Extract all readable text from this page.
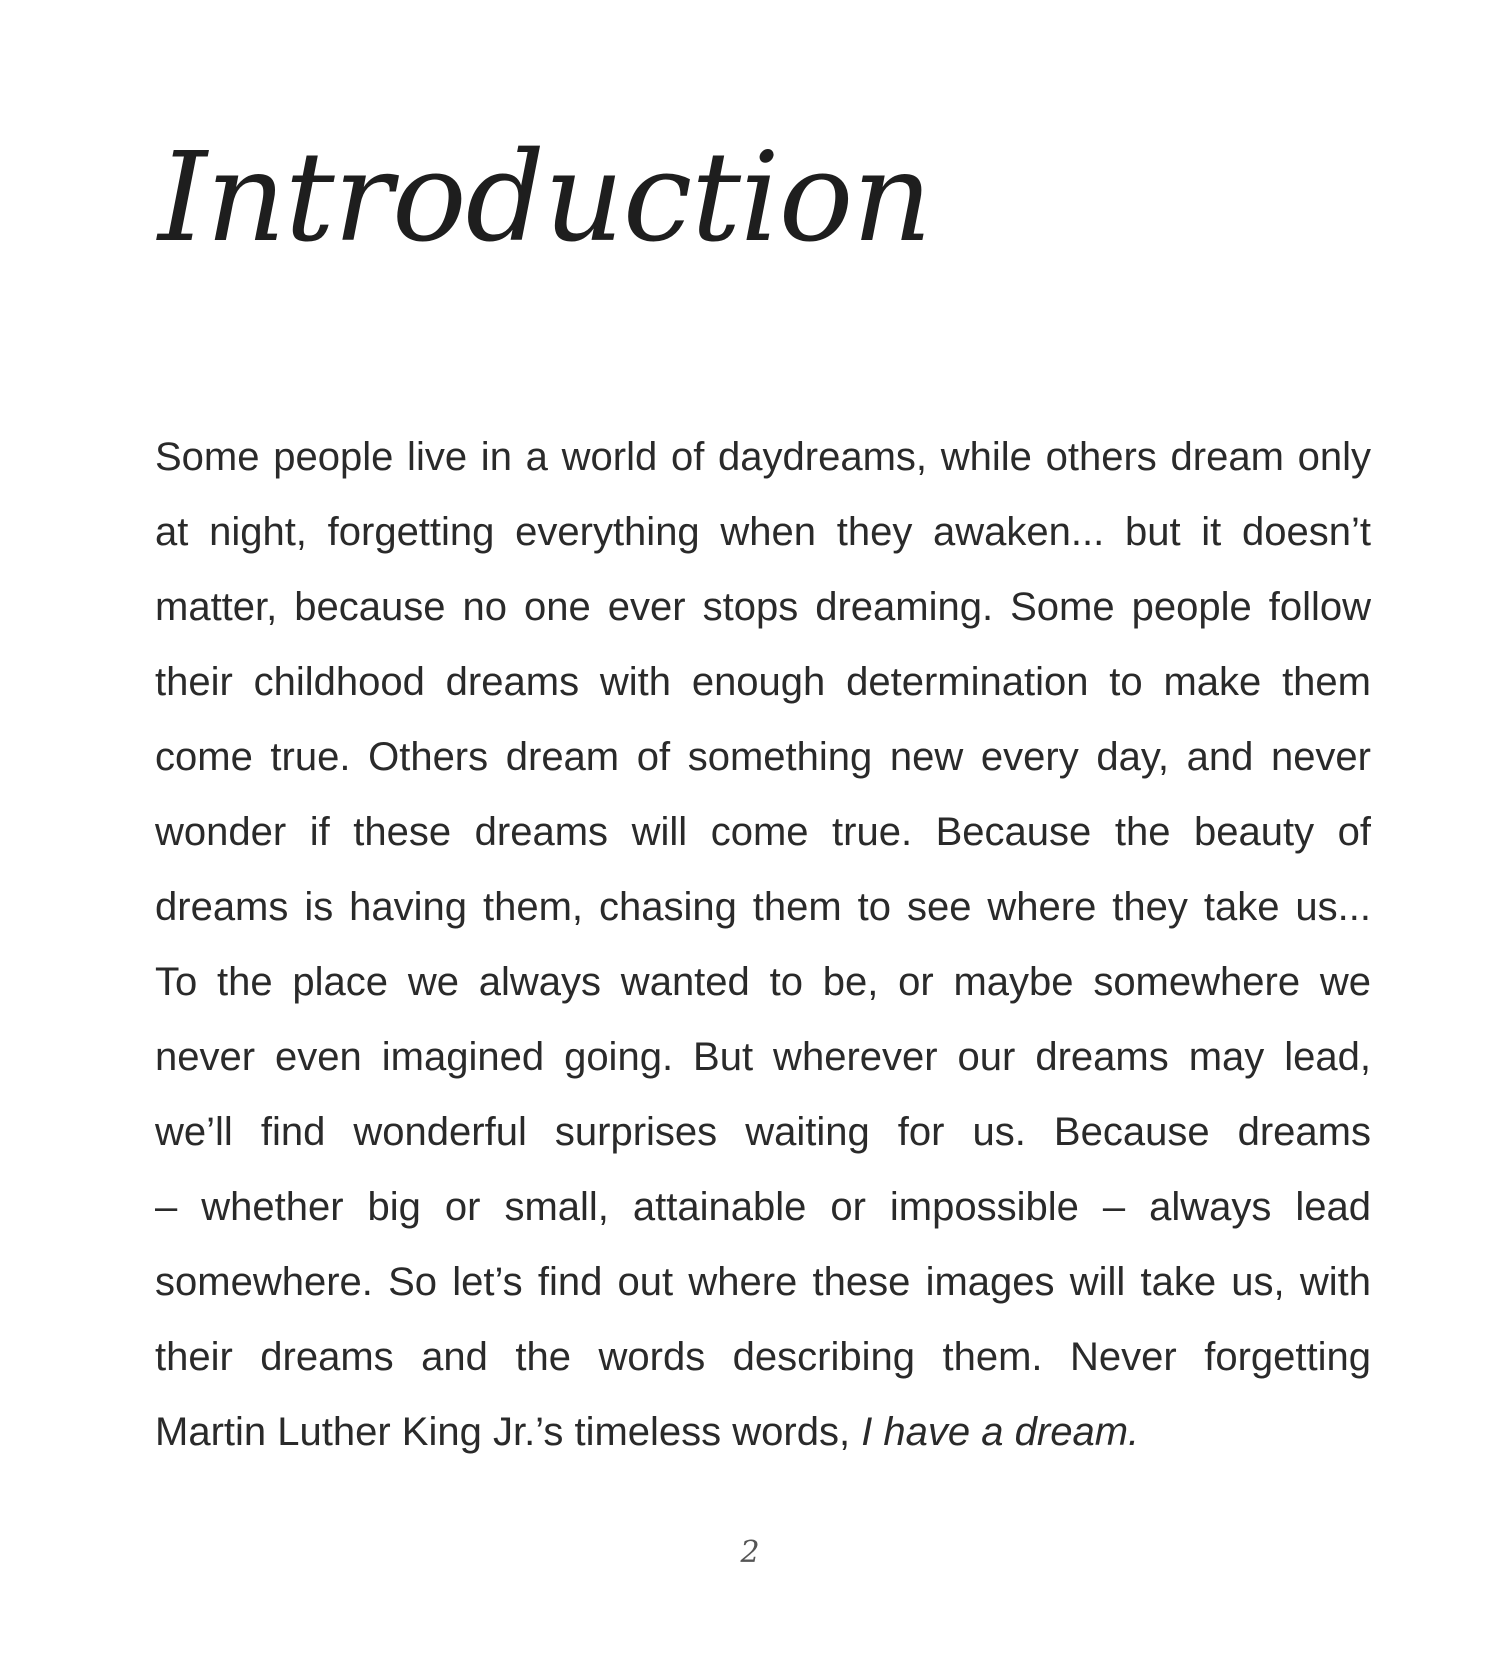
Introduction
Some people live in a world of daydreams, while others dream only
at night, forgetting everything when they awaken... but it doesn’t
matter, because no one ever stops dreaming. Some people follow
their childhood dreams with enough determination to make them
come true. Others dream of something new every day, and never
wonder if these dreams will come true. Because the beauty of
dreams is having them, chasing them to see where they take us...
To the place we always wanted to be, or maybe somewhere we
never even imagined going. But wherever our dreams may lead,
we’ll find wonderful surprises waiting for us. Because dreams
– whether big or small, attainable or impossible – always lead
somewhere. So let’s find out where these images will take us, with
their dreams and the words describing them. Never forgetting
Martin Luther King Jr.’s timeless words, I have a dream.
2
